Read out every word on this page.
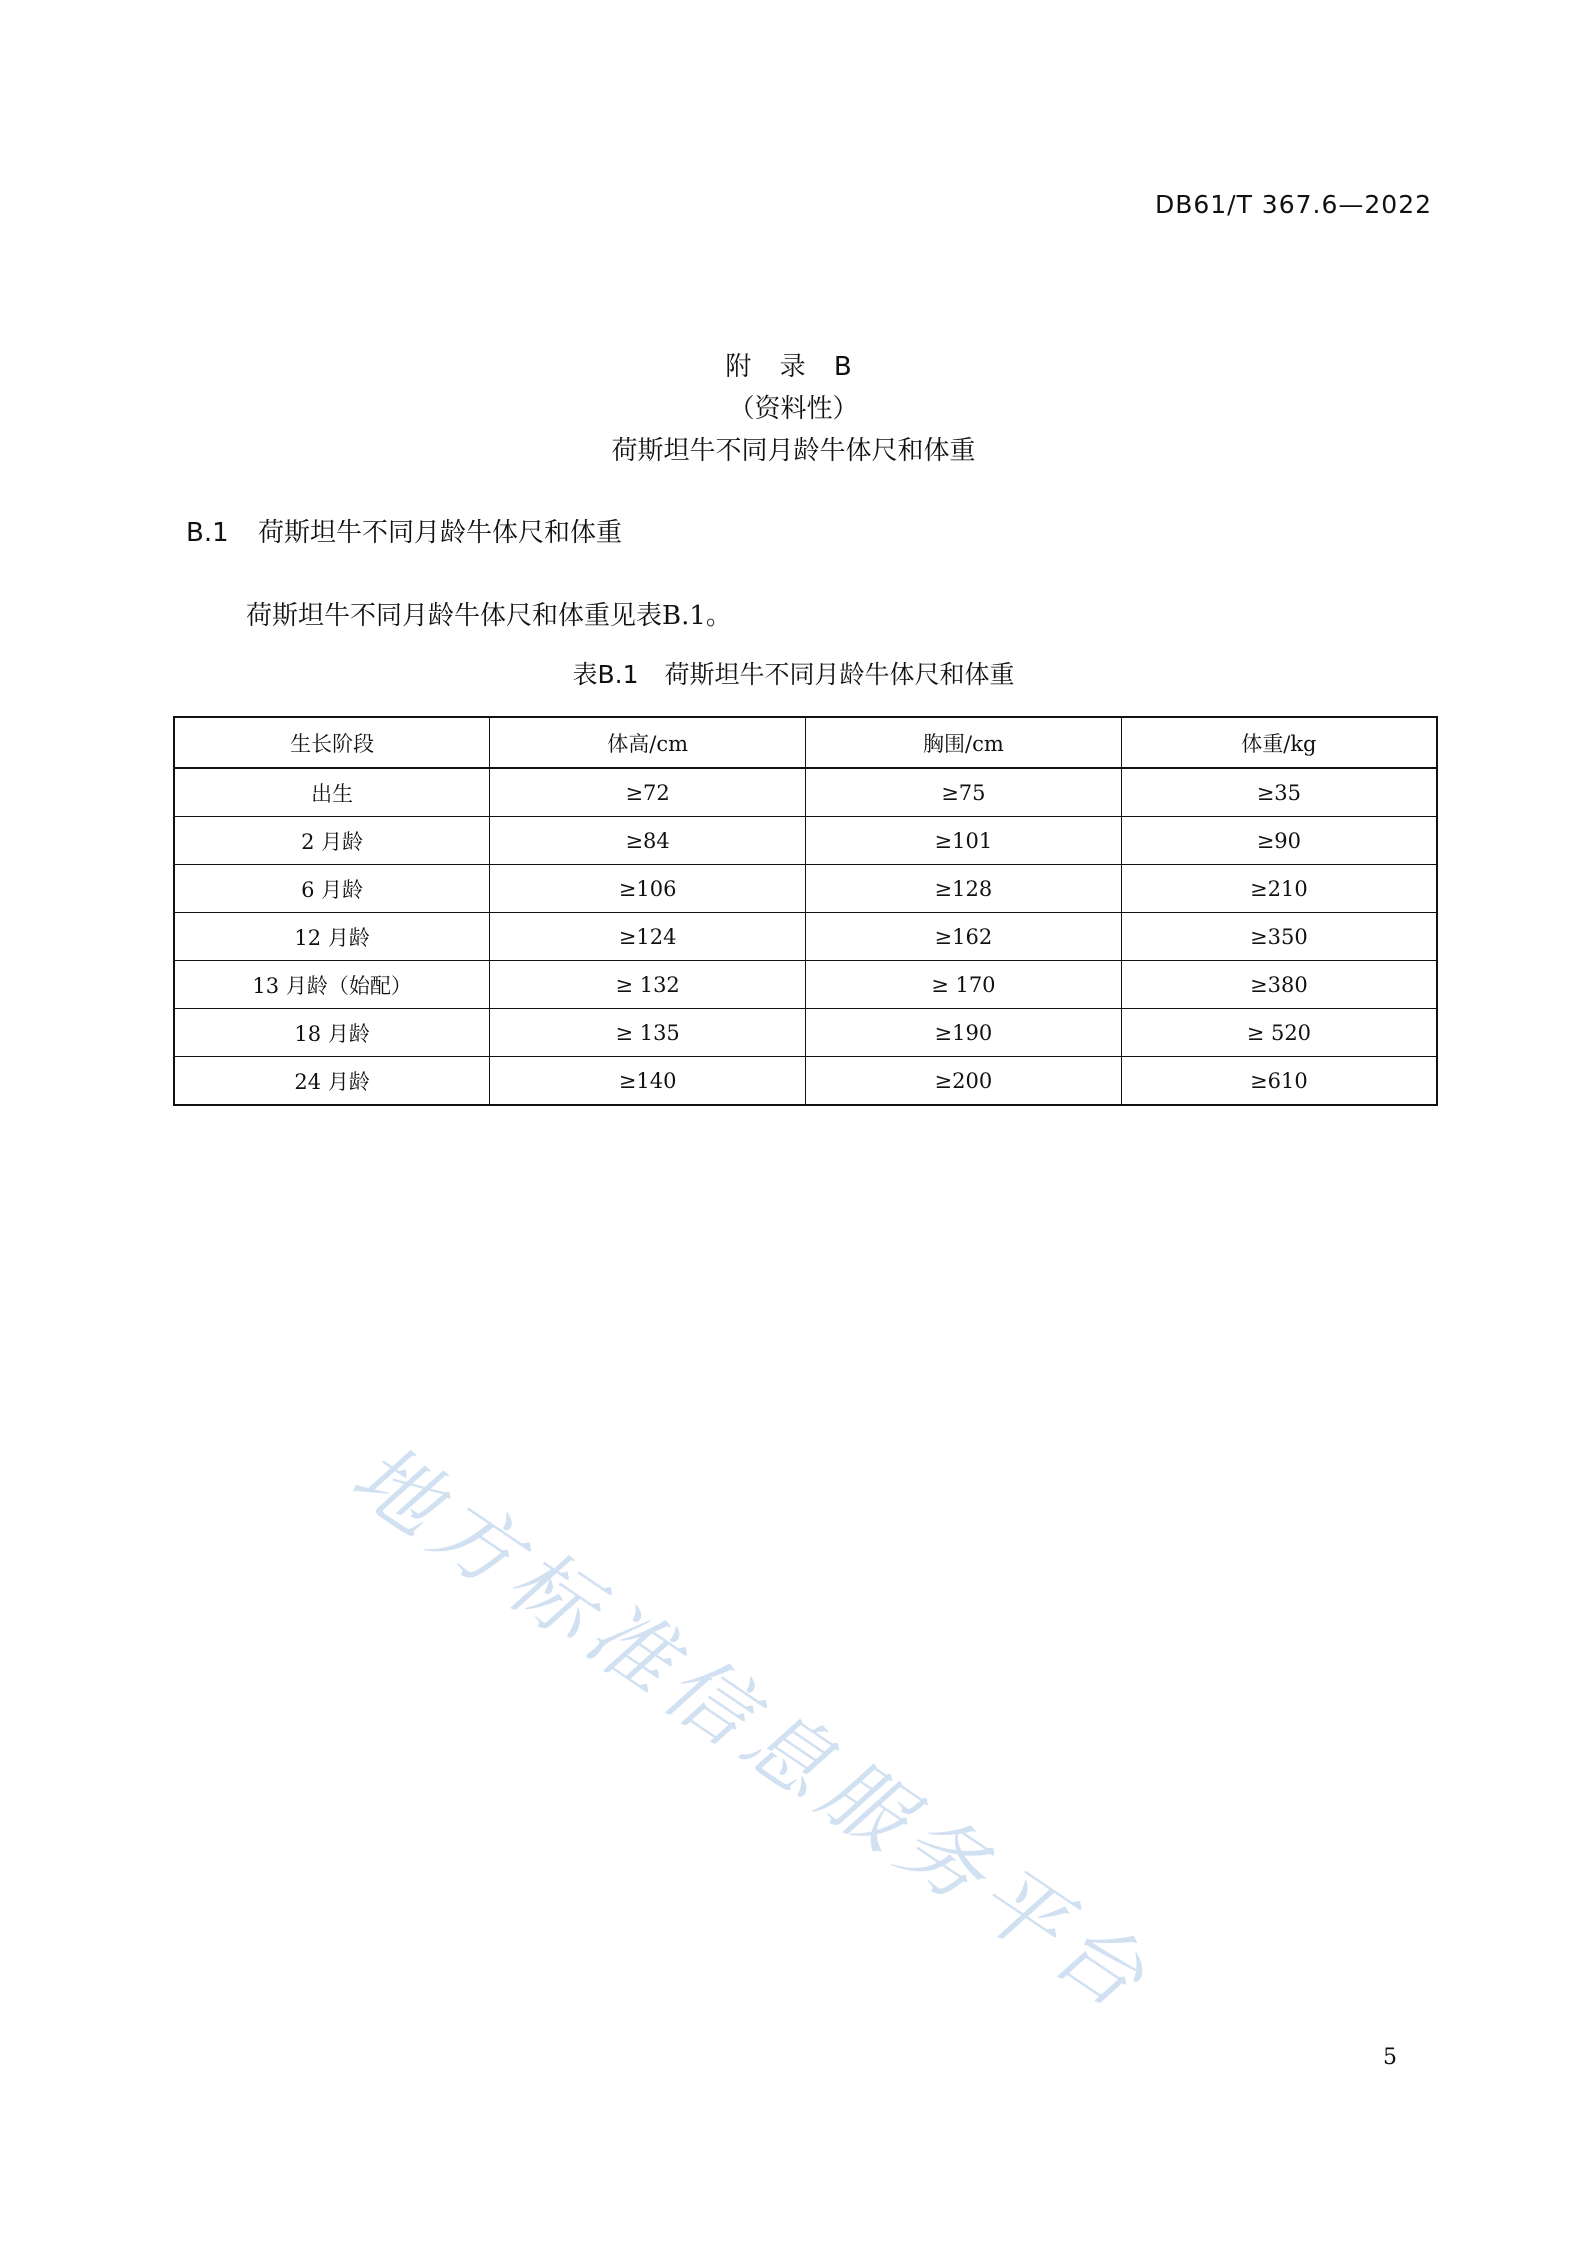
DB61/T 367.6—2022
附 录 B
（资料性）
荷斯坦牛不同月龄牛体尺和体重
B.1 荷斯坦牛不同月龄牛体尺和体重
荷斯坦牛不同月龄牛体尺和体重见表B.1。
表B.1 荷斯坦牛不同月龄牛体尺和体重
生长阶段	体高/cm	胸围/cm	体重/kg
出生	≥72	≥75	≥35
2 月龄	≥84	≥101	≥90
6 月龄	≥106	≥128	≥210
12 月龄	≥124	≥162	≥350
13 月龄（始配）	≥ 132	≥ 170	≥380
18 月龄	≥ 135	≥190	≥ 520
24 月龄	≥140	≥200	≥610
地方标准信息服务平台
5
